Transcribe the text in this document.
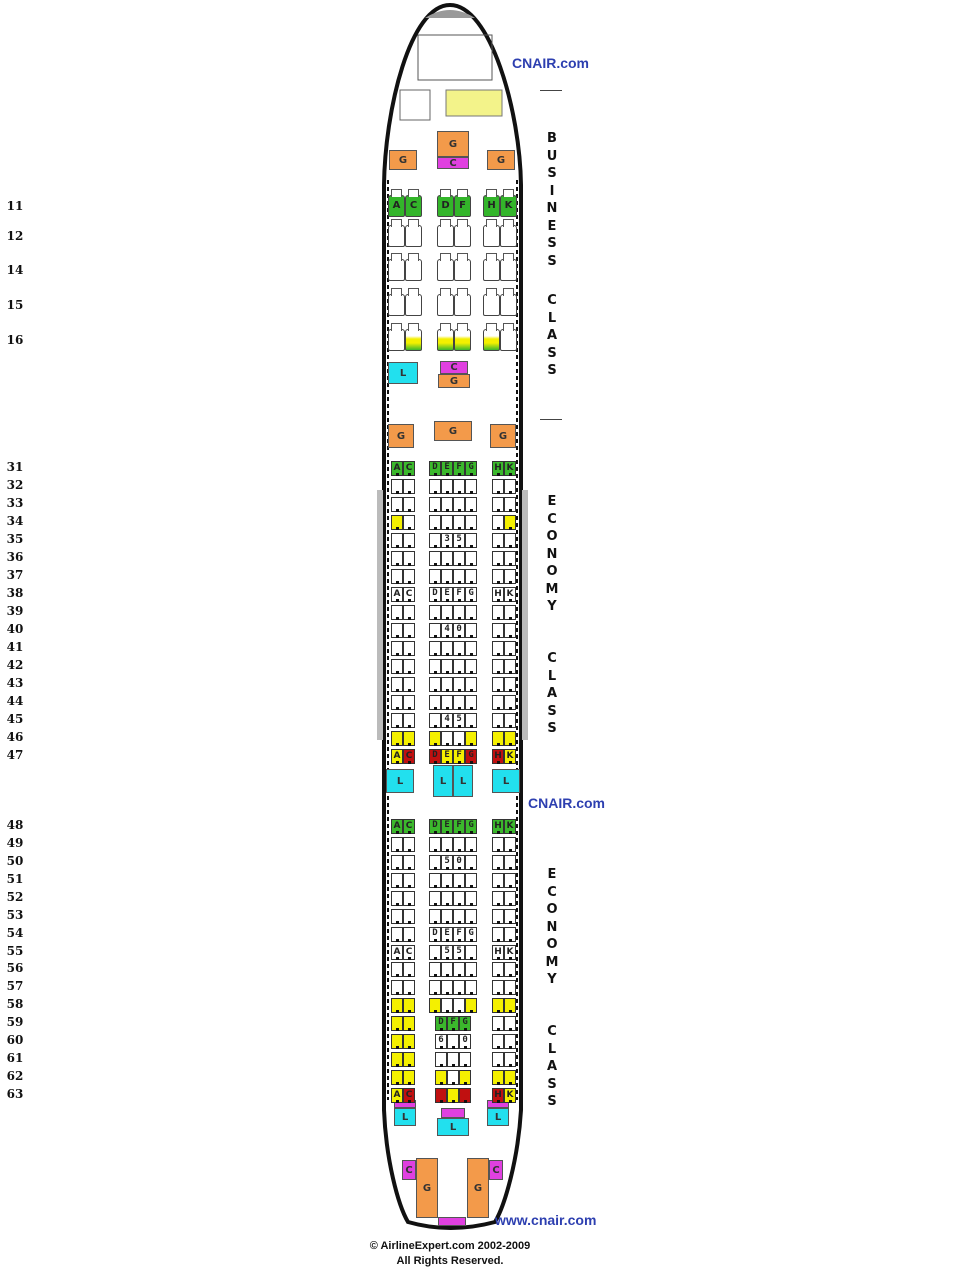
CNAIR.com
CNAIR.com
www.cnair.com
BUSINESS
CLASS
ECONOMY
CLASS
ECONOMY
CLASS
G
C
G	G
L	C
G
G	G	G
L	L	L	L
L
L
L
C
G	G
C
11	A C	D F	H K
12
14
15
16
31	A C	DEFG H K
32
33
34
35	35
36
37
38	A C	DEFG H K
39
40	40
41
42
43
44
45	45
46
47	A C	DEFG H K
48	A C	DEFG H K
49
50	50
51
52
53
54	DEFG
55	A C	55 H K
56
57
58
59	DFG
60	6 0
61
62
63	A C	H K
© AirlineExpert.com 2002-2009
All Rights Reserved.
